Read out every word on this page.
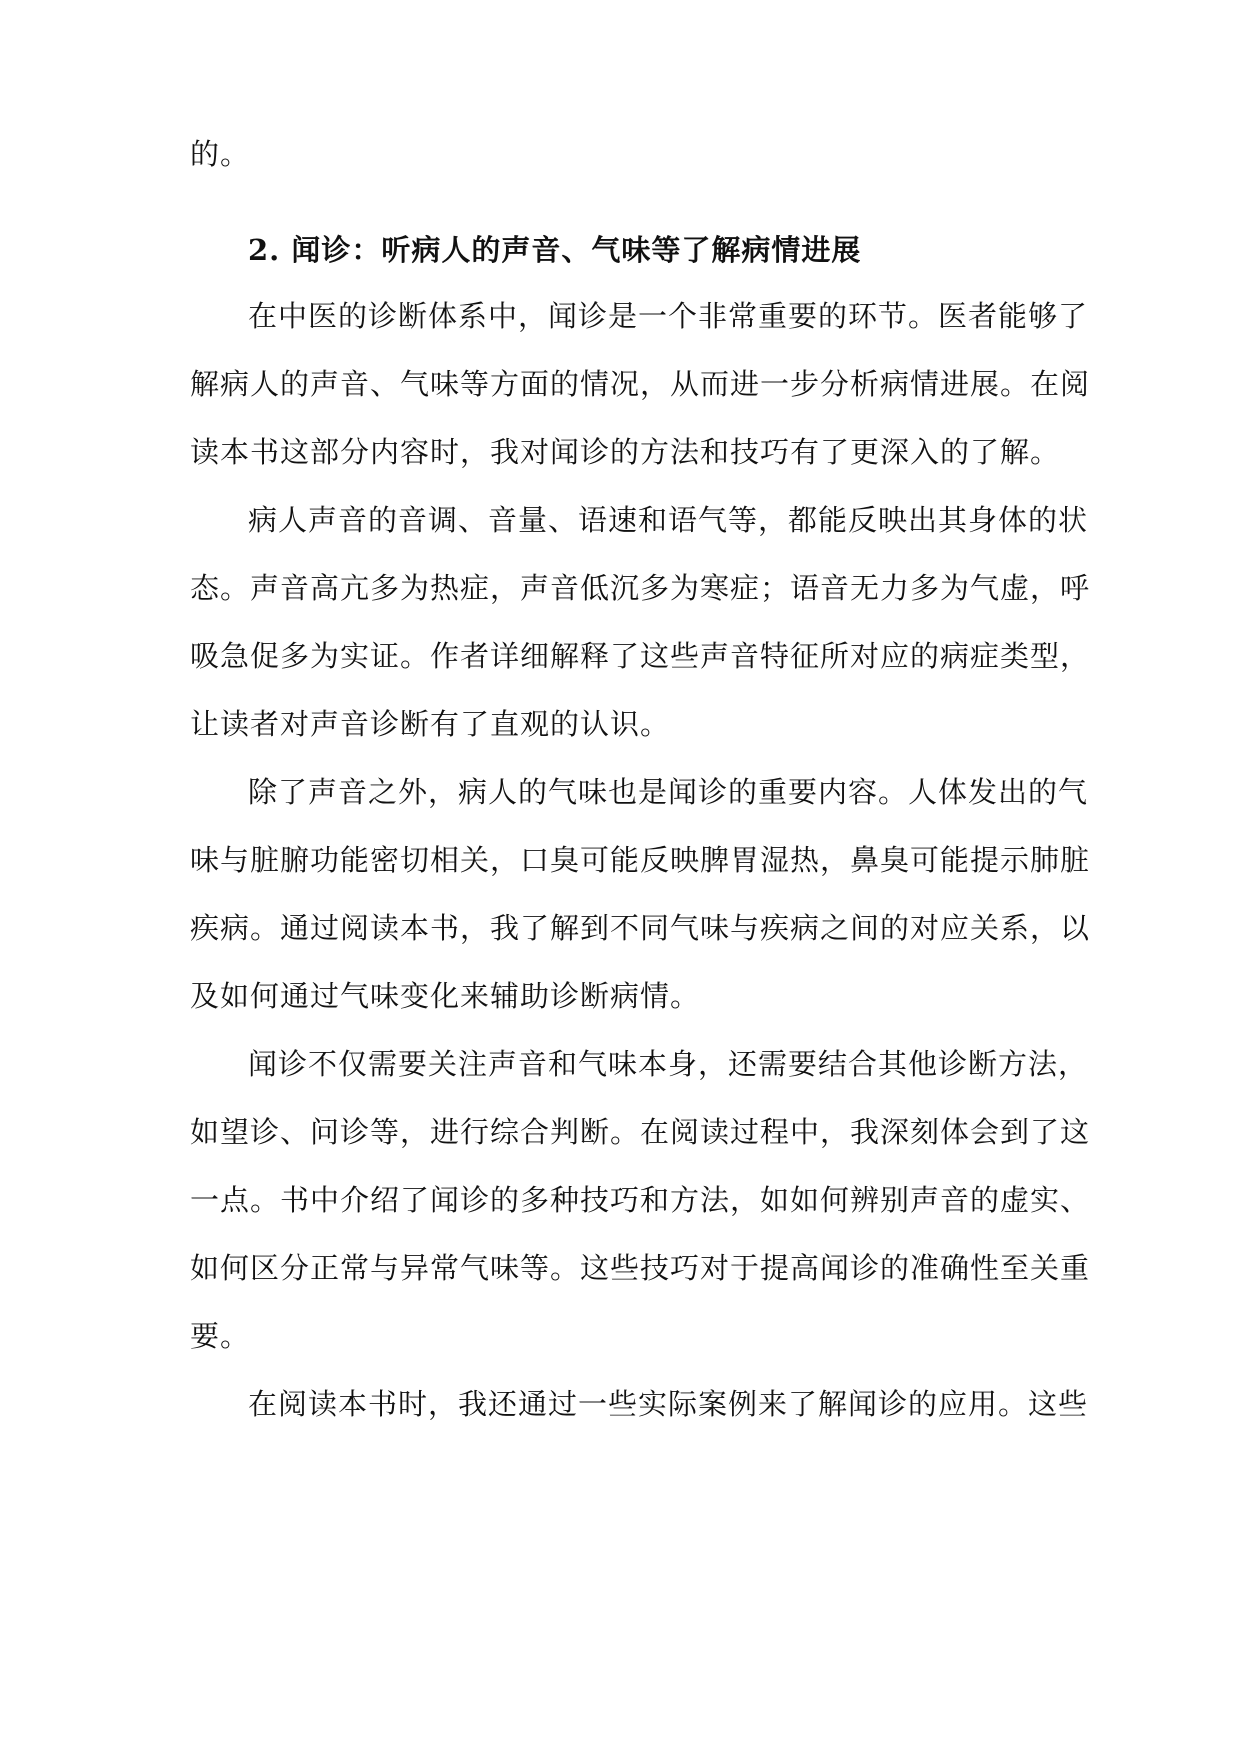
的。
2. 闻诊：听病人的声音、气味等了解病情进展
在中医的诊断体系中，闻诊是一个非常重要的环节。医者能够了
解病人的声音、气味等方面的情况，从而进一步分析病情进展。在阅
读本书这部分内容时，我对闻诊的方法和技巧有了更深入的了解。
病人声音的音调、音量、语速和语气等，都能反映出其身体的状
态。声音高亢多为热症，声音低沉多为寒症；语音无力多为气虚，呼
吸急促多为实证。作者详细解释了这些声音特征所对应的病症类型，
让读者对声音诊断有了直观的认识。
除了声音之外，病人的气味也是闻诊的重要内容。人体发出的气
味与脏腑功能密切相关，口臭可能反映脾胃湿热，鼻臭可能提示肺脏
疾病。通过阅读本书，我了解到不同气味与疾病之间的对应关系，以
及如何通过气味变化来辅助诊断病情。
闻诊不仅需要关注声音和气味本身，还需要结合其他诊断方法，
如望诊、问诊等，进行综合判断。在阅读过程中，我深刻体会到了这
一点。书中介绍了闻诊的多种技巧和方法，如如何辨别声音的虚实、
如何区分正常与异常气味等。这些技巧对于提高闻诊的准确性至关重
要。
在阅读本书时，我还通过一些实际案例来了解闻诊的应用。这些
